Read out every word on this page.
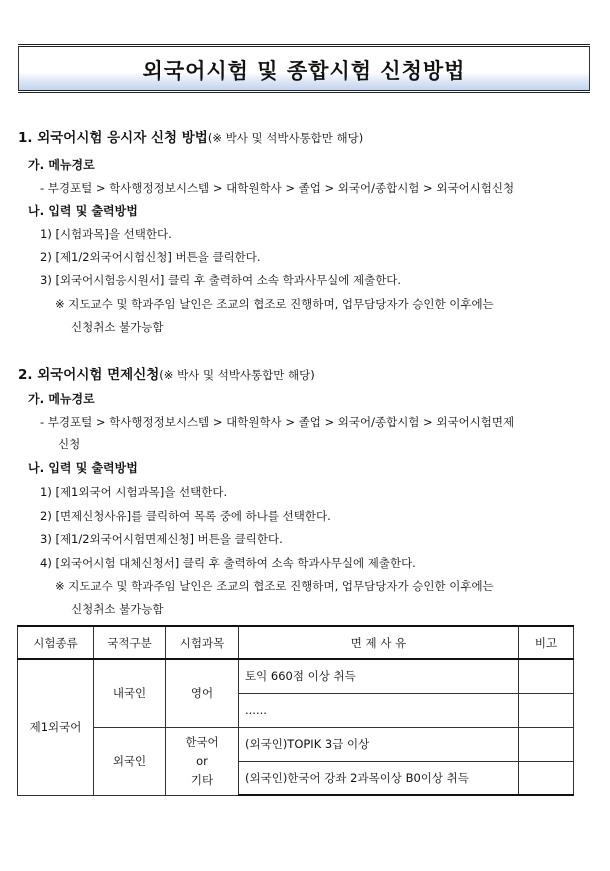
외국어시험 및 종합시험 신청방법
1. 외국어시험 응시자 신청 방법(※ 박사 및 석박사통합만 해당)
가. 메뉴경로
- 부경포털 > 학사행정정보시스템 > 대학원학사 > 졸업 > 외국어/종합시험 > 외국어시험신청
나. 입력 및 출력방법
1) [시험과목]을 선택한다.
2) [제1/2외국어시험신청] 버튼을 클릭한다.
3) [외국어시험응시원서] 클릭 후 출력하여 소속 학과사무실에 제출한다.
※ 지도교수 및 학과주임 날인은 조교의 협조로 진행하며, 업무담당자가 승인한 이후에는
신청취소 불가능함
2. 외국어시험 면제신청(※ 박사 및 석박사통합만 해당)
가. 메뉴경로
- 부경포털 > 학사행정정보시스템 > 대학원학사 > 졸업 > 외국어/종합시험 > 외국어시험면제
신청
나. 입력 및 출력방법
1) [제1외국어 시험과목]을 선택한다.
2) [면제신청사유]를 클릭하여 목록 중에 하나를 선택한다.
3) [제1/2외국어시험면제신청] 버튼을 클릭한다.
4) [외국어시험 대체신청서] 클릭 후 출력하여 소속 학과사무실에 제출한다.
※ 지도교수 및 학과주임 날인은 조교의 협조로 진행하며, 업무담당자가 승인한 이후에는
신청취소 불가능함
시험종류	국적구분	시험과목	면 제 사 유	비고
제1외국어	내국인	영어	토익 660점 이상 취득	
			......	
	외국인	한국어
or
기타	(외국인)TOPIK 3급 이상	
			(외국인)한국어 강좌 2과목이상 B0이상 취득	
